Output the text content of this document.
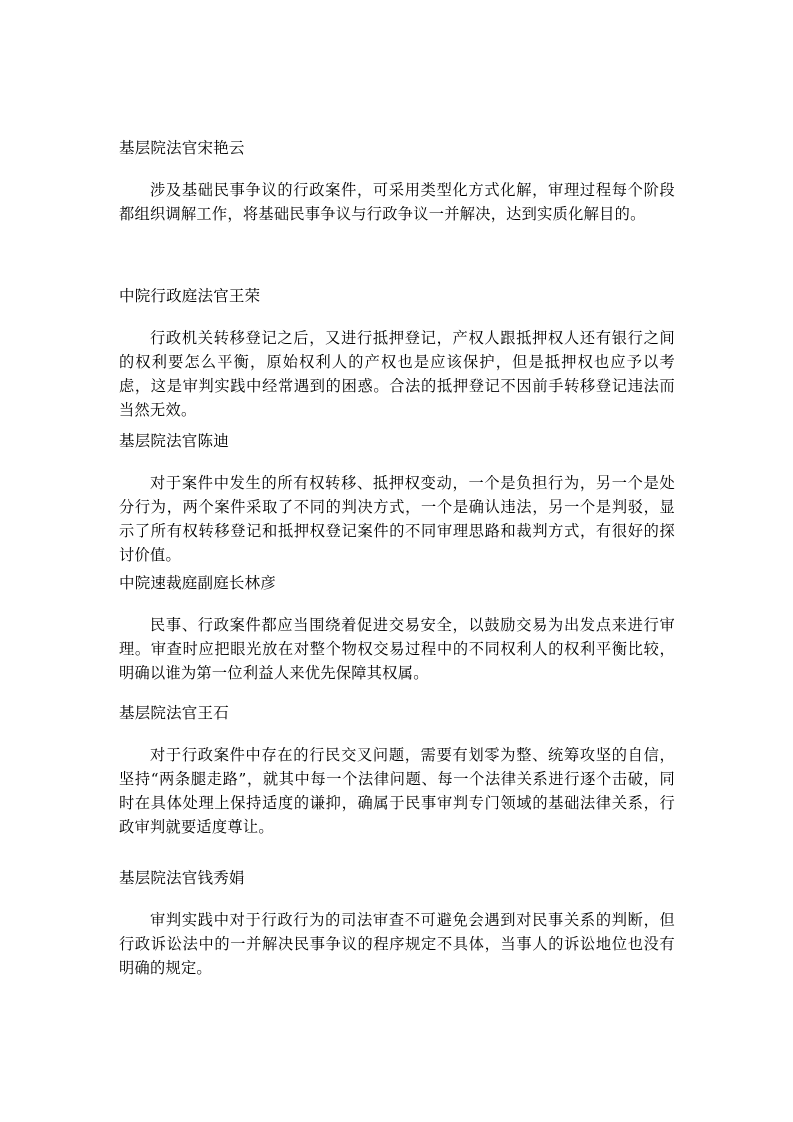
基层院法官宋艳云

涉及基础民事争议的行政案件，可采用类型化方式化解，审理过程每个阶段都组织调解工作，将基础民事争议与行政争议一并解决，达到实质化解目的。

中院行政庭法官王荣

行政机关转移登记之后，又进行抵押登记，产权人跟抵押权人还有银行之间的权利要怎么平衡，原始权利人的产权也是应该保护，但是抵押权也应予以考虑，这是审判实践中经常遇到的困惑。合法的抵押登记不因前手转移登记违法而当然无效。

基层院法官陈迪

对于案件中发生的所有权转移、抵押权变动，一个是负担行为，另一个是处分行为，两个案件采取了不同的判决方式，一个是确认违法，另一个是判驳，显示了所有权转移登记和抵押权登记案件的不同审理思路和裁判方式，有很好的探讨价值。

中院速裁庭副庭长林彦

民事、行政案件都应当围绕着促进交易安全，以鼓励交易为出发点来进行审理。审查时应把眼光放在对整个物权交易过程中的不同权利人的权利平衡比较，明确以谁为第一位利益人来优先保障其权属。

基层院法官王石

对于行政案件中存在的行民交叉问题，需要有划零为整、统筹攻坚的自信，坚持“两条腿走路”，就其中每一个法律问题、每一个法律关系进行逐个击破，同时在具体处理上保持适度的谦抑，确属于民事审判专门领域的基础法律关系，行政审判就要适度尊让。

基层院法官钱秀娟

审判实践中对于行政行为的司法审查不可避免会遇到对民事关系的判断，但行政诉讼法中的一并解决民事争议的程序规定不具体，当事人的诉讼地位也没有明确的规定。
